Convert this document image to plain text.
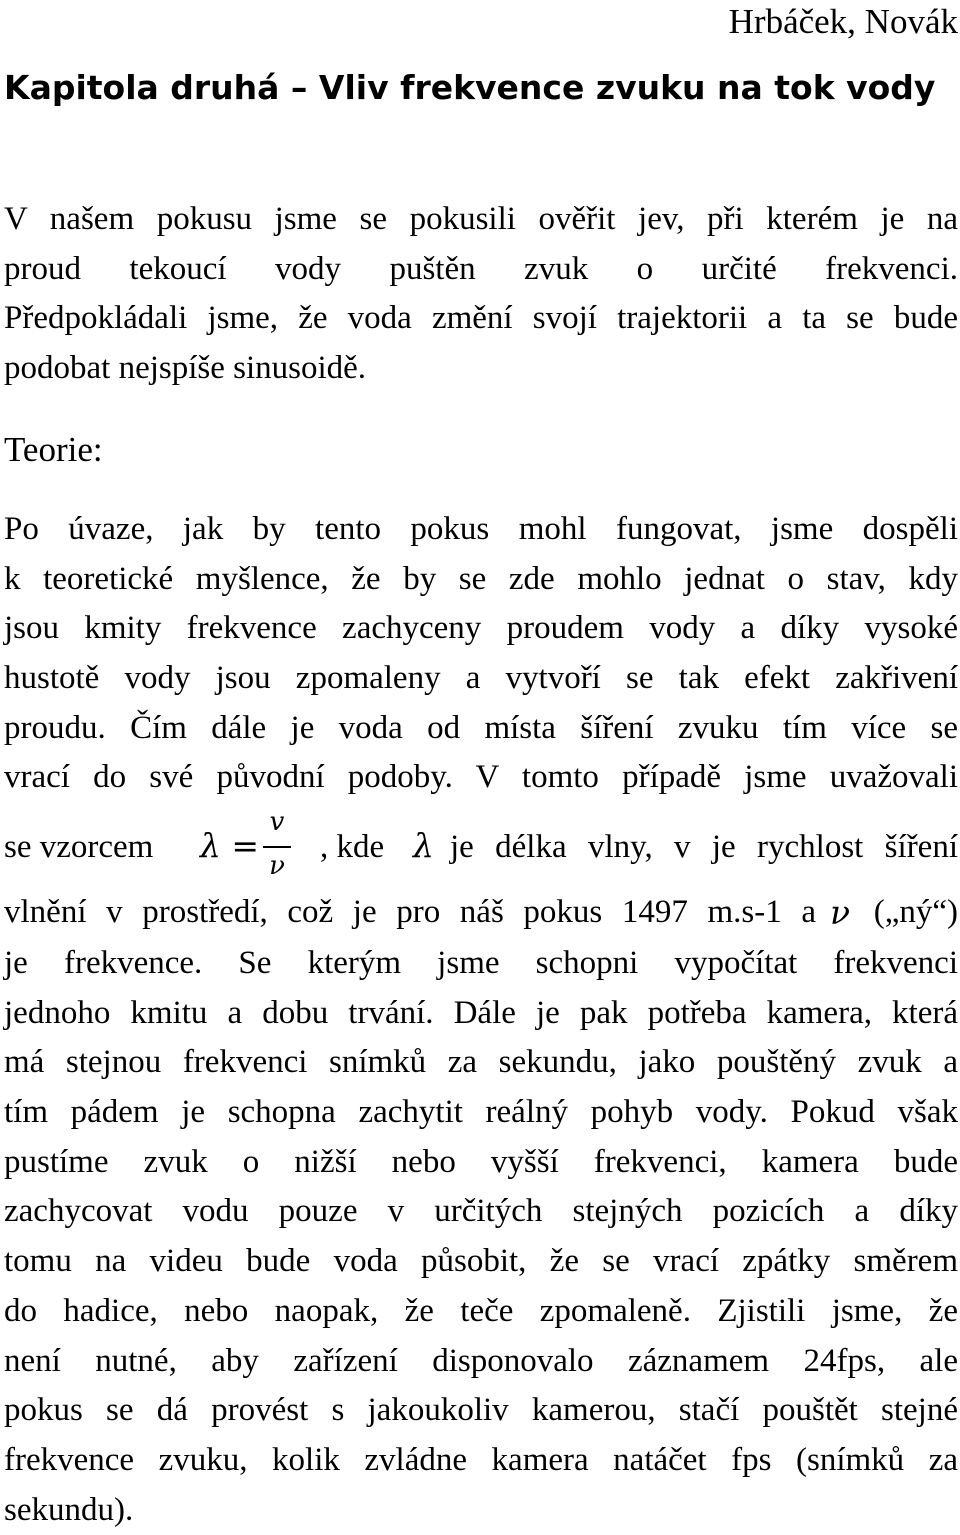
Hrbáček, Novák
Kapitola druhá – Vliv frekvence zvuku na tok vody
V našem pokusu jsme se pokusili ověřit jev, při kterém je na
proud tekoucí vody puštěn zvuk o určité frekvenci.
Předpokládali jsme, že voda změní svojí trajektorii a ta se bude
podobat nejspíše sinusoidě.
Teorie:
Po úvaze, jak by tento pokus mohl fungovat, jsme dospěli
k teoretické myšlence, že by se zde mohlo jednat o stav, kdy
jsou kmity frekvence zachyceny proudem vody a díky vysoké
hustotě vody jsou zpomaleny a vytvoří se tak efekt zakřivení
proudu. Čím dále je voda od místa šíření zvuku tím více se
vrací do své původní podoby. V tomto případě jsme uvažovali
se vzorcem λ =
v
ν
, kde λ je délka vlny, v je rychlost šíření
vlnění v prostředí, což je pro náš pokus 1497 m.s-1 a ν („ný“)
je frekvence. Se kterým jsme schopni vypočítat frekvenci
jednoho kmitu a dobu trvání. Dále je pak potřeba kamera, která
má stejnou frekvenci snímků za sekundu, jako pouštěný zvuk a
tím pádem je schopna zachytit reálný pohyb vody. Pokud však
pustíme zvuk o nižší nebo vyšší frekvenci, kamera bude
zachycovat vodu pouze v určitých stejných pozicích a díky
tomu na videu bude voda působit, že se vrací zpátky směrem
do hadice, nebo naopak, že teče zpomaleně. Zjistili jsme, že
není nutné, aby zařízení disponovalo záznamem 24fps, ale
pokus se dá provést s jakoukoliv kamerou, stačí pouštět stejné
frekvence zvuku, kolik zvládne kamera natáčet fps (snímků za
sekundu).
